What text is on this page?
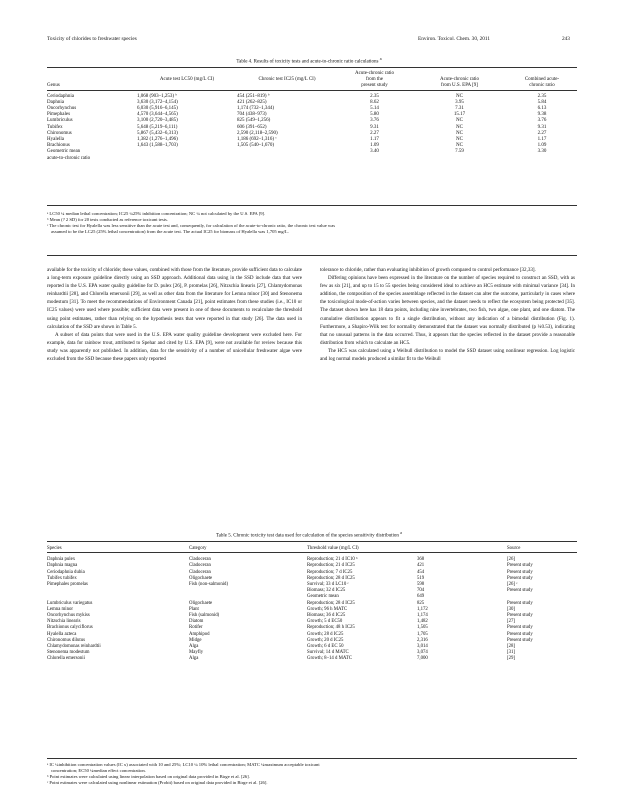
Toxicity of chlorides to freshwater species	Environ. Toxicol. Chem. 30, 2011	243
Table 4. Results of toxicity tests and acute-to-chronic ratio calculations $^a$
			Acute-chronic ratio		
	Acute test LC50 (mg/L CI)	Chronic test IC25 (mg/L CI)	from the	Acute-chronic ratio	Combined acute-
Genus			present study	from U.S. EPA [9]	chronic ratio

Ceriodaphnia	1,068 (903–1,253) ᵇ	454 (251–819) ᵇ	2.35	NC	2.35
Daphnia	3,630 (3,172–4,154)	421 (262–825)	8.62	3.95	5.84
Oncorhynchus	6,030 (5,916–6,145)	1,174 (732–1,344)	5.14	7.31	6.13
Pimephales	4,570 (3,644–4,565)	704 (438–973)	5.80	15.17	9.38
Lumbriculus	3,100 (2,720–3,485)	825 (549–1,256)	3.76	NC	3.76
Tubifex	5,648 (5,219–6,111)	606 (391–652)	9.31	NC	9.31
Chironomus	5,867 (5,432–6,313)	2,590 (2,118–2,590)	2.27	NC	2.27
Hyalella	1,382 (1,276–1,496)	1,186 (692–1,316) ᶜ	1.17	NC	1.17
Brachionus	1,643 (1,588–1,703)	1,505 (540–1,670)	1.09	NC	1.09
Geometric mean			3.40	7.59	3.30
acute-to-chronic ratio					
ᵃ LC50 ¼ median lethal concentration; IC25 ¼25% inhibition concentration; NC ¼ not calculated by the U.S. EPA [9].
ᵇ Mean (? 2 SD) for 20 tests conducted as reference toxicant tests.
ᶜ The chronic test for Hyalella was less sensitive than the acute test and, consequently, for calculation of the acute-to-chronic ratio, the chronic test value was
assumed to be the LC25 (25% lethal concentration) from the acute test. The actual IC25 for biomass of Hyalella was 1,705 mg/L.

available for the toxicity of chloride; these values, combined with those from the literature, provide sufficient data to calculate a long-term exposure guideline directly using an SSD approach. Additional data using in the SSD include data that were reported in the U.S. EPA water quality guideline for D. pulex [26], P. promelas [26], Nitzschia linearis [27], Chlamydomonas reinhardtii [28], and Chlorella emersonii [29], as well as other data from the literature for Lemna minor [30] and Stenonema modestum [31]. To meet the recommendations of Environment Canada [21], point estimates from these studies (i.e., IC10 or IC25 values) were used where possible; sufficient data were present in one of these documents to recalculate the threshold using point estimates, rather than relying on the hypothesis tests that were reported in that study [26]. The data used in calculation of the SSD are shown in Table 5.

A subset of data points that were used in the U.S. EPA water quality guideline development were excluded here. For example, data for rainbow trout, attributed to Spehar and cited by U.S. EPA [9], were not available for review because this study was apparently not published. In addition, data for the sensitivity of a number of unicellular freshwater algae were excluded from the SSD because these papers only reported

tolerance to chloride, rather than evaluating inhibition of growth compared to control performance [32,33].

Differing opinions have been expressed in the literature on the number of species required to construct an SSD, with as few as six [21], and up to 15 to 55 species being considered ideal to achieve an HC5 estimate with minimal variance [34]. In addition, the composition of the species assemblage reflected in the dataset can alter the outcome, particularly in cases where the toxicological mode-of-action varies between species, and the dataset needs to reflect the ecosystem being protected [35]. The dataset shown here has 18 data points, including nine invertebrates, two fish, two algae, one plant, and one diatom. The cumulative distribution appears to fit a single distribution, without any indication of a bimodal distribution (Fig. 1). Furthermore, a Shapiro-Wilk test for normality demonstrated that the dataset was normally distributed (p ¼0.53), indicating that no unusual patterns in the data occurred. Thus, it appears that the species reflected in the dataset provide a reasonable distribution from which to calculate an HC5.

The HC5 was calculated using a Weibull distribution to model the SSD dataset using nonlinear regression. Log logistic and log normal models produced a similar fit to the Weibull

Table 5. Chronic toxicity test data used for calculation of the species sensitivity distribution $^a$
Species	Category	Threshold value (mg/L CI)		Source

Daphnia pulex	Cladoceran	Reproduction; 21 d IC10 ᵇ	368	[26]
Daphnia magna	Cladoceran	Reproduction; 21 d IC25	421	Present study
Ceriodaphnia dubia	Cladoceran	Reproduction; 7 d IC25	454	Present study
Tubifex tubifex	Oligochaete	Reproduction; 28 d IC25	519	Present study
Pimephales promelas	Fish (non-salmonid)	Survival; 33 d LC10 ᶜ	598	[26] ᶜ
		Biomass; 32 d IC25	704	Present study
		Geometric mean	649	
Lumbriculus variegatus	Oligochaete	Reproduction; 28 d IC25	825	Present study
Lemna minor	Plant	Growth; 96 h MATC	1,172	[30]
Oncorhynchus mykiss	Fish (salmonid)	Biomass; 36 d IC25	1,174	Present study
Nitzschia linearis	Diatom	Growth; 5 d EC50	1,482	[27]
Brachionus calyciflorus	Rotifer	Reproduction; 48 h IC25	1,505	Present study
Hyalella azteca	Amphipod	Growth; 28 d IC25	1,705	Present study
Chironomus dilutus	Midge	Growth; 20 d IC25	2,316	Present study
Chlamydomonas reinhardtii	Alga	Growth; 6 d EC 50	3,014	[28]
Stenonema modestum	Mayfly	Survival; 14 d MATC	3,074	[31]
Chlorella emersonii	Alga	Growth; 8–14 d MATC	7,000	[29]
ᵃ IC ¼inhibition concentration values (IC x) associated with 10 and 25%; LC10 ¼ 10% lethal concentration; MATC ¼maximum acceptable toxicant
concentration; EC50 ¼median effect concentration.
ᵇ Point estimates were calculated using linear interpolation based on original data provided in Birge et al. [26].
ᶜ Point estimates were calculated using nonlinear estimation (Probit) based on original data provided in Birge et al. [26].
